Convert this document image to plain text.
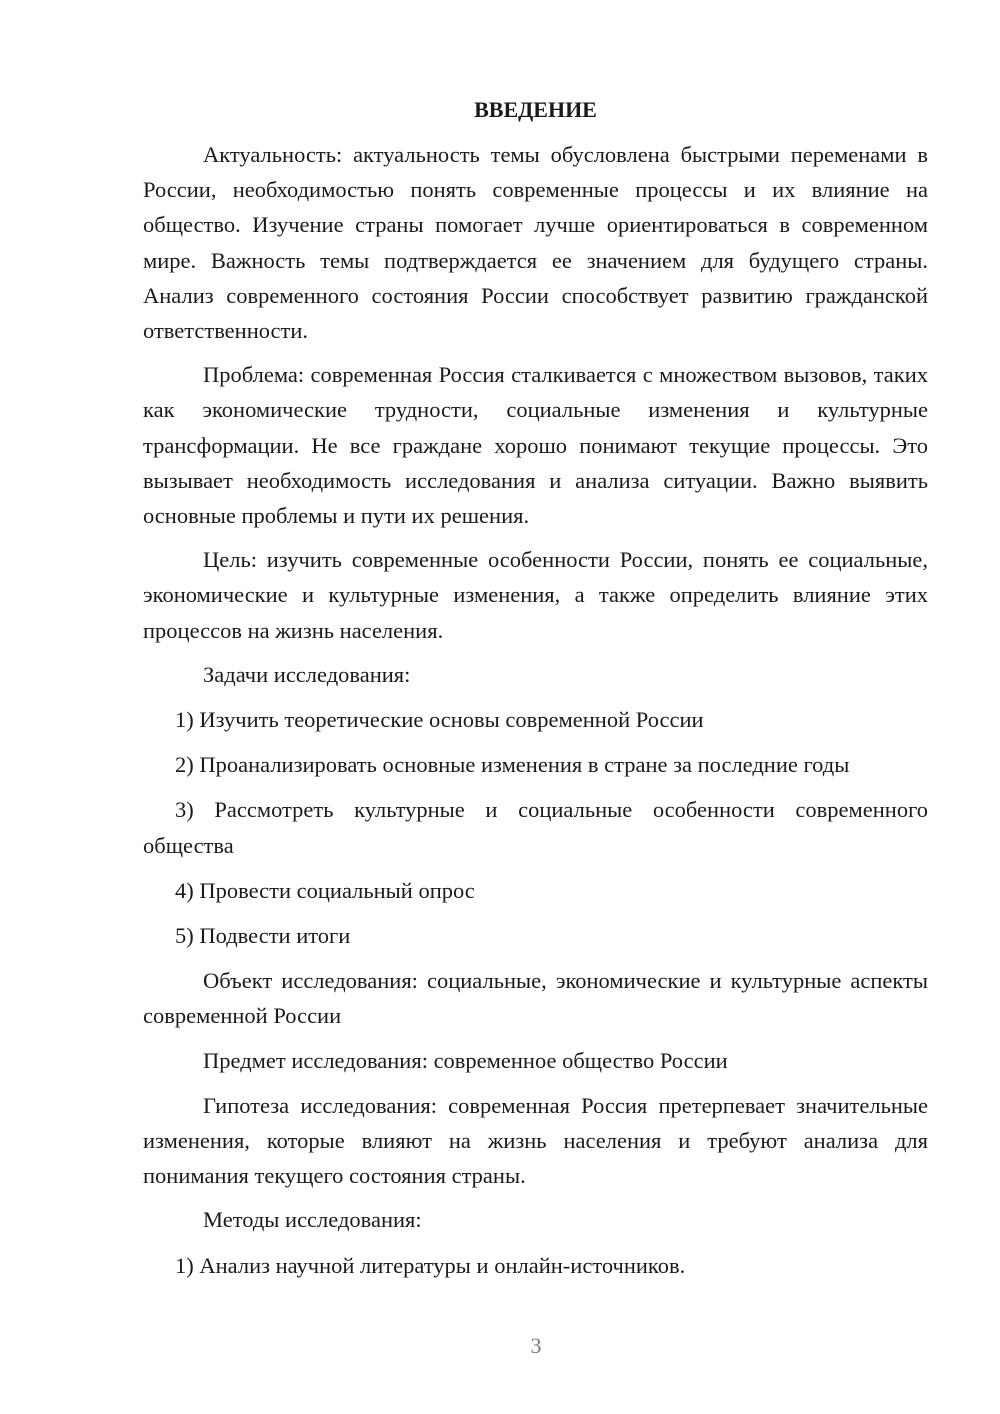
ВВЕДЕНИЕ

Актуальность: актуальность темы обусловлена быстрыми переменами в России, необходимостью понять современные процессы и их влияние на общество. Изучение страны помогает лучше ориентироваться в современном мире. Важность темы подтверждается ее значением для будущего страны. Анализ современного состояния России способствует развитию гражданской ответственности.

Проблема: современная Россия сталкивается с множеством вызовов, таких как экономические трудности, социальные изменения и культурные трансформации. Не все граждане хорошо понимают текущие процессы. Это вызывает необходимость исследования и анализа ситуации. Важно выявить основные проблемы и пути их решения.

Цель: изучить современные особенности России, понять ее социальные, экономические и культурные изменения, а также определить влияние этих процессов на жизнь населения.

Задачи исследования:

1) Изучить теоретические основы современной России

2) Проанализировать основные изменения в стране за последние годы

3) Рассмотреть культурные и социальные особенности современного общества

4) Провести социальный опрос

5) Подвести итоги

Объект исследования: социальные, экономические и культурные аспекты современной России

Предмет исследования: современное общество России

Гипотеза исследования: современная Россия претерпевает значительные изменения, которые влияют на жизнь населения и требуют анализа для понимания текущего состояния страны.

Методы исследования:

1) Анализ научной литературы и онлайн-источников.

3
